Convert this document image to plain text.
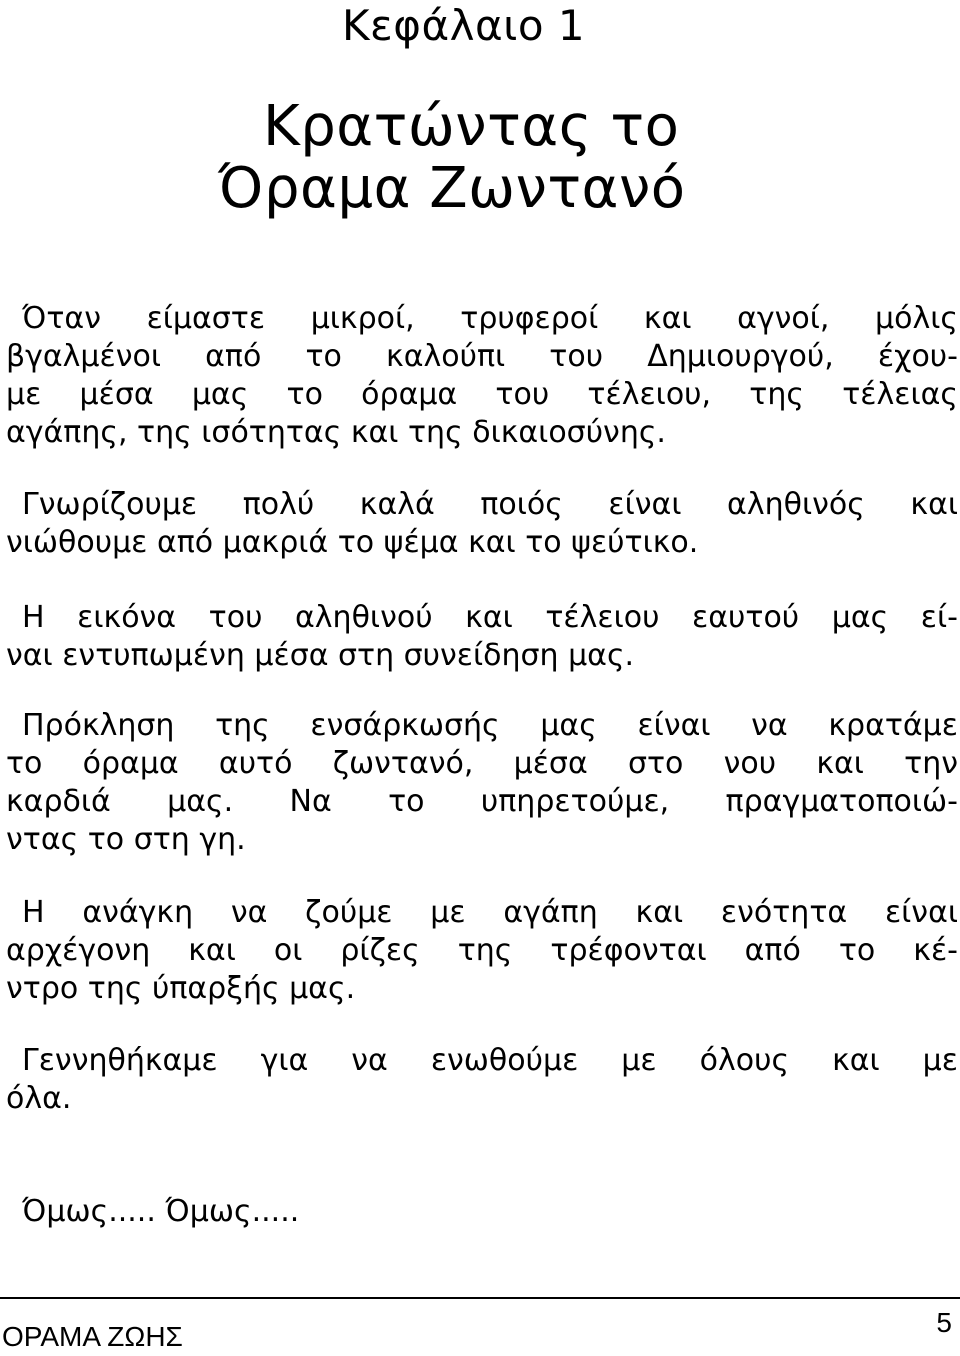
Κεφάλαιο 1
Κρατώντας το
Όραμα Ζωντανό
Όταν είμαστε μικροί, τρυφεροί και αγνοί, μόλις
βγαλμένοι από το καλούπι του Δημιουργού, έχου-
με μέσα μας το όραμα του τέλειου, της τέλειας
αγάπης, της ισότητας και της δικαιοσύνης.
Γνωρίζουμε πολύ καλά ποιός είναι αληθινός και
νιώθουμε από μακριά το ψέμα και το ψεύτικο.
Η εικόνα του αληθινού και τέλειου εαυτού μας εί-
ναι εντυπωμένη μέσα στη συνείδηση μας.
Πρόκληση της ενσάρκωσής μας είναι να κρατάμε
το όραμα αυτό ζωντανό, μέσα στο νου και την
καρδιά μας. Να το υπηρετούμε, πραγματοποιώ-
ντας το στη γη.
Η ανάγκη να ζούμε με αγάπη και ενότητα είναι
αρχέγονη και οι ρίζες της τρέφονται από το κέ-
ντρο της ύπαρξής μας.
Γεννηθήκαμε για να ενωθούμε με όλους και με
όλα.
Όμως..... Όμως.....
ΟΡΑΜΑ ΖΩΗΣ	5
